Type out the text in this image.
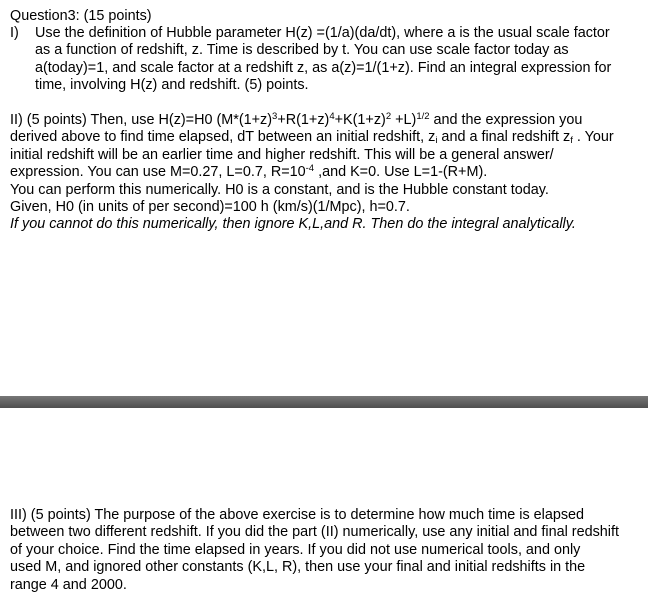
Question3: (15 points)
I) Use the definition of Hubble parameter H(z) =(1/a)(da/dt), where a is the usual scale factor
as a function of redshift, z. Time is described by t. You can use scale factor today as
a(today)=1, and scale factor at a redshift z, as a(z)=1/(1+z). Find an integral expression for
time, involving H(z) and redshift. (5) points.
II) (5 points) Then, use H(z)=H0 $(M*(1+z)^3+R(1+z)^4+K(1+z)^2 +L)^{1/2}$ and the expression you
derived above to find time elapsed, dT between an initial redshift, $z_i$ and a final redshift $z_f$ . Your
initial redshift will be an earlier time and higher redshift. This will be a general answer/
expression. You can use M=0.27, L=0.7, $R=10^{-4}$ ,and K=0. Use L=1-(R+M).
You can perform this numerically. H0 is a constant, and is the Hubble constant today.
Given, H0 (in units of per second)=100 h (km/s)(1/Mpc), h=0.7.
If you cannot do this numerically, then ignore K,L,and R. Then do the integral analytically.
III) (5 points) The purpose of the above exercise is to determine how much time is elapsed
between two different redshift. If you did the part (II) numerically, use any initial and final redshift
of your choice. Find the time elapsed in years. If you did not use numerical tools, and only
used M, and ignored other constants (K,L, R), then use your final and initial redshifts in the
range 4 and 2000.
